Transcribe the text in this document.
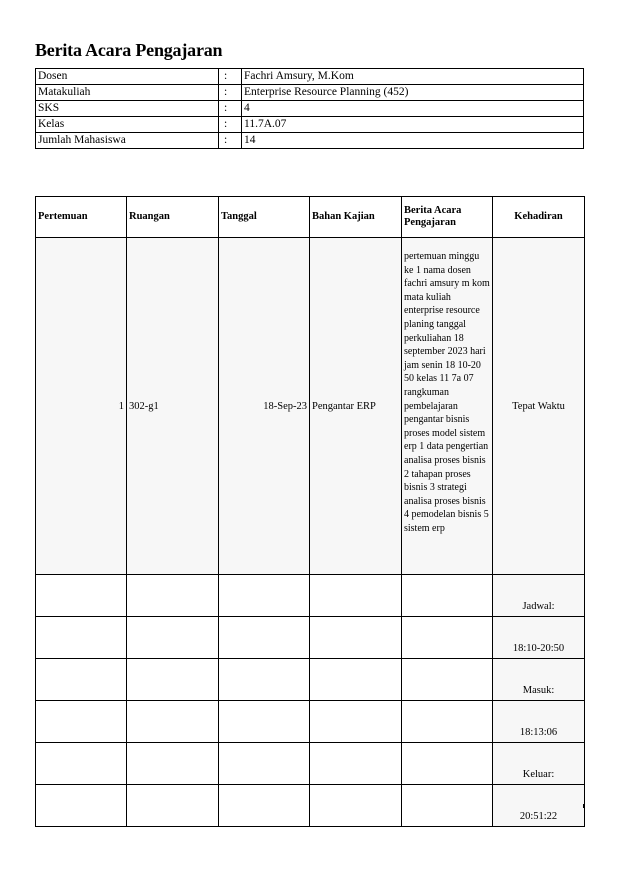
Berita Acara Pengajaran
Dosen	:	Fachri Amsury, M.Kom
Matakuliah	:	Enterprise Resource Planning (452)
SKS	:	4
Kelas	:	11.7A.07
Jumlah Mahasiswa	:	14
Pertemuan	Ruangan	Tanggal	Bahan Kajian	Berita Acara Pengajaran	Kehadiran
1	302-g1	18-Sep-23	Pengantar ERP	pertemuan minggu ke 1 nama dosen fachri amsury m kom mata kuliah enterprise resource planing tanggal perkuliahan 18 september 2023 hari jam senin 18 10-20 50 kelas 11 7a 07 rangkuman pembelajaran pengantar bisnis proses model sistem erp 1 data pengertian analisa proses bisnis 2 tahapan proses bisnis 3 strategi analisa proses bisnis 4 pemodelan bisnis 5 sistem erp	Tepat Waktu
					Jadwal:
					18:10-20:50
					Masuk:
					18:13:06
					Keluar:
					20:51:22
